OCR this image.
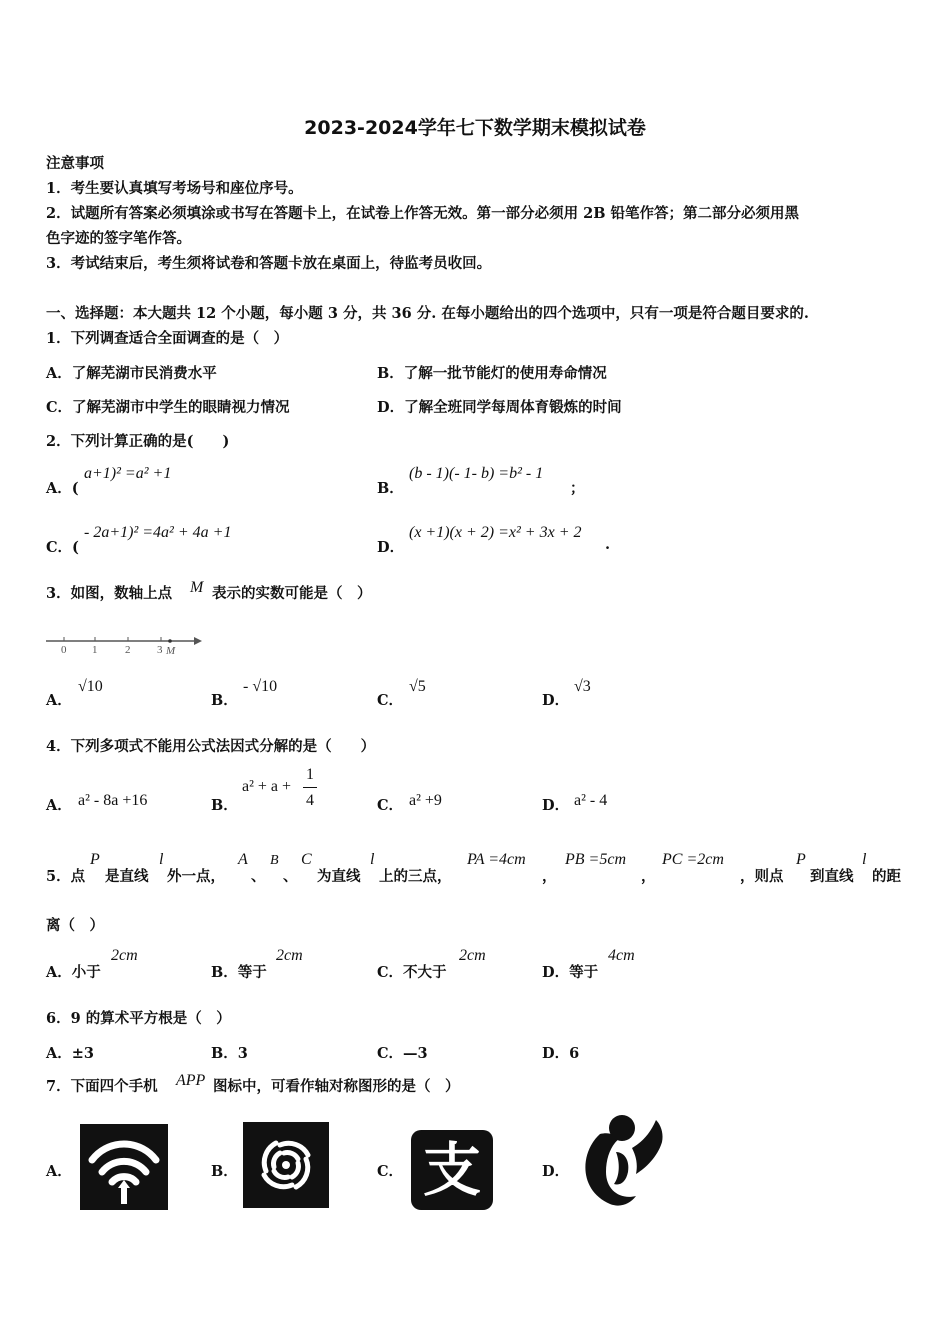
2023-2024学年七下数学期末模拟试卷
注意事项
1．考生要认真填写考场号和座位序号。
2．试题所有答案必须填涂或书写在答题卡上，在试卷上作答无效。第一部分必须用 2B 铅笔作答；第二部分必须用黑
色字迹的签字笔作答。
3．考试结束后，考生须将试卷和答题卡放在桌面上，待监考员收回。
一、选择题：本大题共 12 个小题，每小题 3 分，共 36 分. 在每小题给出的四个选项中，只有一项是符合题目要求的.
1．下列调查适合全面调查的是（　）
A．了解芜湖市民消费水平	B．了解一批节能灯的使用寿命情况
C．了解芜湖市中学生的眼睛视力情况	D．了解全班同学每周体育锻炼的时间
2．下列计算正确的是(　　)
A．(
a+1)² =a² +1
B．
(b - 1)(- 1- b) =b² - 1
；
C．(
- 2a+1)² =4a² + 4a +1
D．
(x +1)(x + 2) =x² + 3x + 2
.
3．如图，数轴上点 M 表示的实数可能是（　）
0 1	2 3 M
A．
√10
B．
- √10
C．
√5
D．
√3
4．下列多项式不能用公式法因式分解的是（　　）
A． a² - 8a +16	B．
a² + a +
1
4	C． a² +9	D． a² - 4
5．点
P
是直线
l
外一点，
A
、
B
、
C
为直线
l
上的三点，
PA =4cm
，
PB =5cm
，
PC =2cm
，则点
P
到直线
l
的距
离（　）
A．小于
2cm
B．等于
2cm
C．不大于
2cm
D．等于
4cm
6．9 的算术平方根是（　）
A．±3	B．3	C．—3	D．6
7．下面四个手机 APP 图标中，可看作轴对称图形的是（　）
A．	B．	C． 支	D．
